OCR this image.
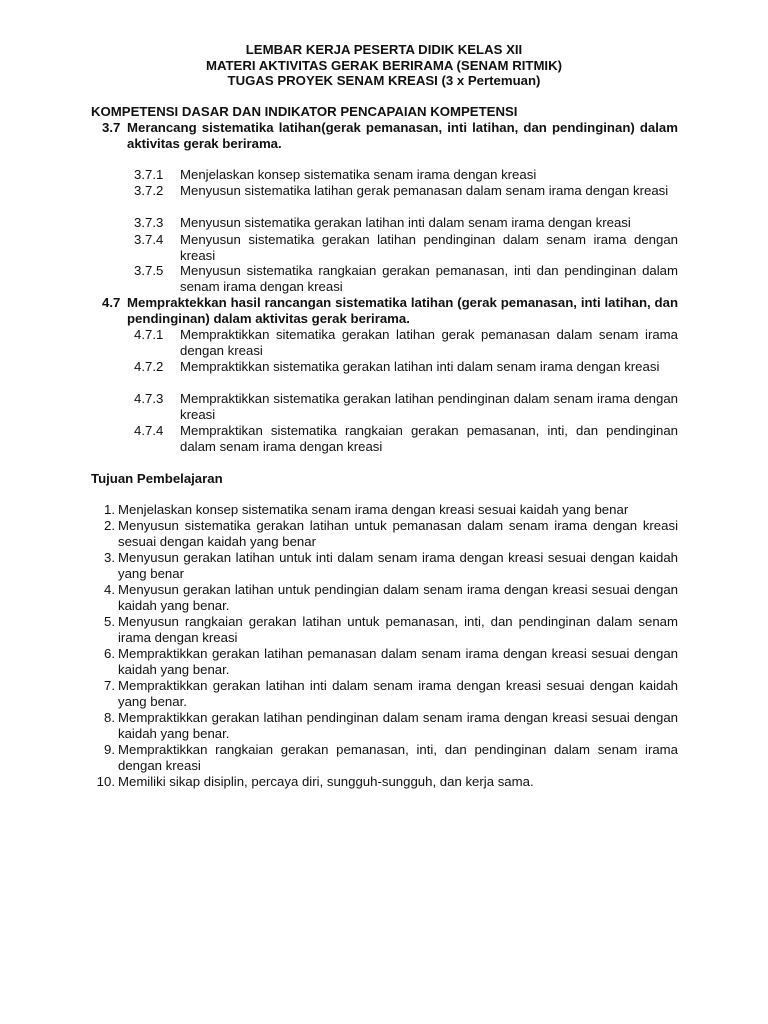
LEMBAR KERJA PESERTA DIDIK KELAS XII
MATERI AKTIVITAS GERAK BERIRAMA (SENAM RITMIK)
TUGAS PROYEK SENAM KREASI (3 x Pertemuan)
KOMPETENSI DASAR DAN INDIKATOR PENCAPAIAN KOMPETENSI
3.7 Merancang sistematika latihan(gerak pemanasan, inti latihan, dan pendinginan) dalam aktivitas gerak berirama.
3.7.1 Menjelaskan konsep sistematika senam irama dengan kreasi
3.7.2 Menyusun sistematika latihan gerak pemanasan dalam senam irama dengan kreasi
3.7.3 Menyusun sistematika gerakan latihan inti dalam senam irama dengan kreasi
3.7.4 Menyusun sistematika gerakan latihan pendinginan dalam senam irama dengan kreasi
3.7.5 Menyusun sistematika rangkaian gerakan pemanasan, inti dan pendinginan dalam senam irama dengan kreasi
4.7 Mempraktekkan hasil rancangan sistematika latihan (gerak pemanasan, inti latihan, dan pendinginan) dalam aktivitas gerak berirama.
4.7.1 Mempraktikkan sitematika gerakan latihan gerak pemanasan dalam senam irama dengan kreasi
4.7.2 Mempraktikkan sistematika gerakan latihan inti dalam senam irama dengan kreasi
4.7.3 Mempraktikkan sistematika gerakan latihan pendinginan dalam senam irama dengan kreasi
4.7.4 Mempraktikan sistematika rangkaian gerakan pemasanan, inti, dan pendinginan dalam senam irama dengan kreasi
Tujuan Pembelajaran
1. Menjelaskan konsep sistematika senam irama dengan kreasi sesuai kaidah yang benar
2. Menyusun sistematika gerakan latihan untuk pemanasan dalam senam irama dengan kreasi sesuai dengan kaidah yang benar
3. Menyusun gerakan latihan untuk inti dalam senam irama dengan kreasi sesuai dengan kaidah yang benar
4. Menyusun gerakan latihan untuk pendingian dalam senam irama dengan kreasi sesuai dengan kaidah yang benar.
5. Menyusun rangkaian gerakan latihan untuk pemanasan, inti, dan pendinginan dalam senam irama dengan kreasi
6. Mempraktikkan gerakan latihan pemanasan dalam senam irama dengan kreasi sesuai dengan kaidah yang benar.
7. Mempraktikkan gerakan latihan inti dalam senam irama dengan kreasi sesuai dengan kaidah yang benar.
8. Mempraktikkan gerakan latihan pendinginan dalam senam irama dengan kreasi sesuai dengan kaidah yang benar.
9. Mempraktikkan rangkaian gerakan pemanasan, inti, dan pendinginan dalam senam irama dengan kreasi
10. Memiliki sikap disiplin, percaya diri, sungguh-sungguh, dan kerja sama.
